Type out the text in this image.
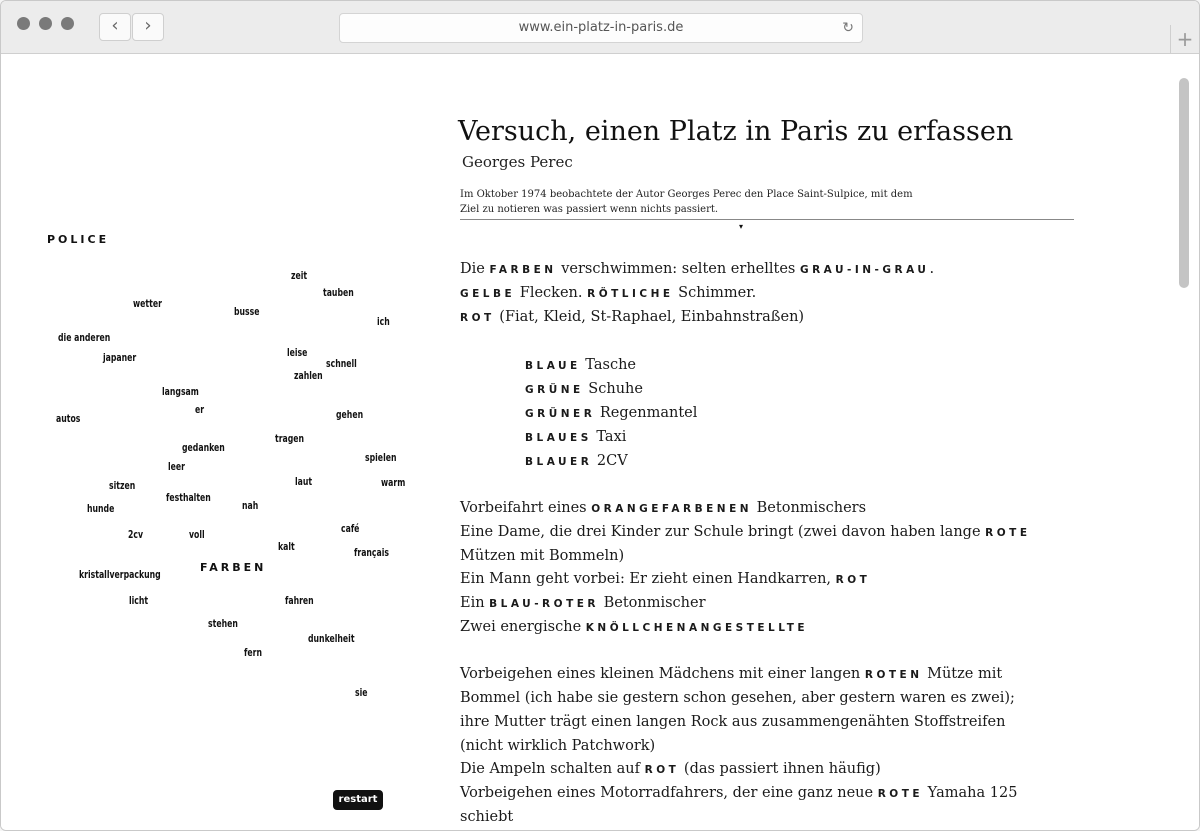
‹	›	www.ein-platz-in-paris.de	↻	+
POLICE
zeit
tauben
wetter
busse
ich
die anderen
japaner	leise
schnell
zahlen
langsam
er
autos	gehen
gedanken
tragen
leer
spielen
laut	warm
sitzen
festhalten
hunde	nah
2cv	voll	café
kalt	français
FARBEN
kristallverpackung
licht	fahren
stehen
dunkelheit
fern
sie
restart
Versuch, einen Platz in Paris zu erfassen
Georges Perec
Im Oktober 1974 beobachtete der Autor Georges Perec den Place Saint-Sulpice, mit dem Ziel zu notieren was passiert wenn nichts passiert.
▾
Die FARBEN verschwimmen: selten erhelltes GRAU-IN-GRAU.
GELBE Flecken. RÖTLICHE Schimmer.
ROT (Fiat, Kleid, St-Raphael, Einbahnstraßen)
BLAUE Tasche
GRÜNE Schuhe
GRÜNER Regenmantel
BLAUES Taxi
BLAUER 2CV
Vorbeifahrt eines ORANGEFARBENEN Betonmischers
Eine Dame, die drei Kinder zur Schule bringt (zwei davon haben lange ROTE
Mützen mit Bommeln)
Ein Mann geht vorbei: Er zieht einen Handkarren, ROT
Ein BLAU-ROTER Betonmischer
Zwei energische KNÖLLCHENANGESTELLTE
Vorbeigehen eines kleinen Mädchens mit einer langen ROTEN Mütze mit
Bommel (ich habe sie gestern schon gesehen, aber gestern waren es zwei);
ihre Mutter trägt einen langen Rock aus zusammengenähten Stoffstreifen
(nicht wirklich Patchwork)
Die Ampeln schalten auf ROT (das passiert ihnen häufig)
Vorbeigehen eines Motorradfahrers, der eine ganz neue ROTE Yamaha 125
schiebt
